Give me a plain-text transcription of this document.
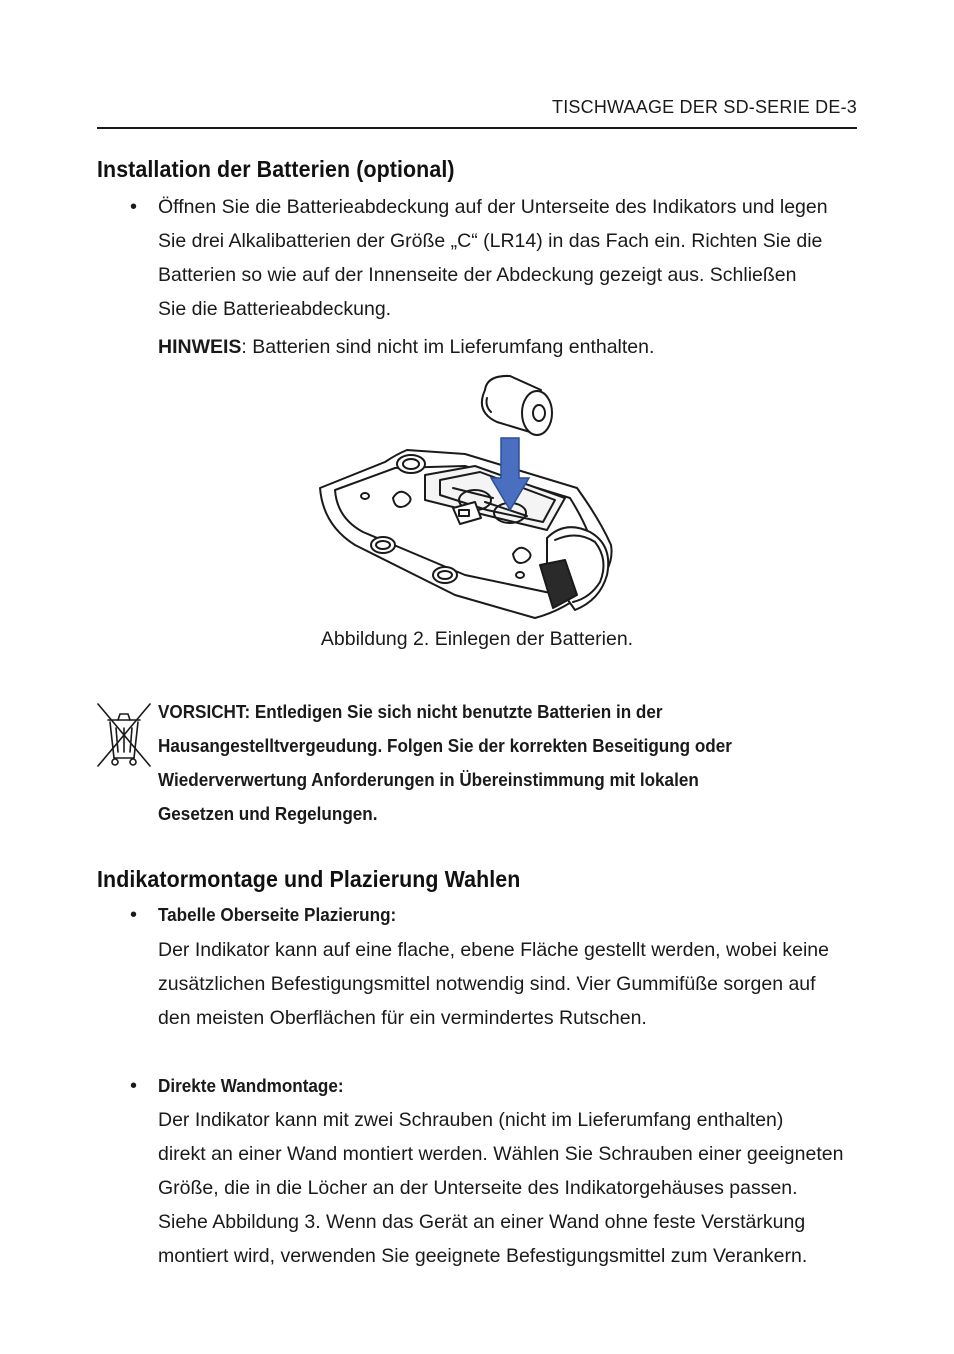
TISCHWAAGE DER SD-SERIE DE-3
Installation der Batterien (optional)
• Öffnen Sie die Batterieabdeckung auf der Unterseite des Indikators und legen
Sie drei Alkalibatterien der Größe „C“ (LR14) in das Fach ein. Richten Sie die
Batterien so wie auf der Innenseite der Abdeckung gezeigt aus. Schließen
Sie die Batterieabdeckung.
HINWEIS: Batterien sind nicht im Lieferumfang enthalten.
Abbildung 2. Einlegen der Batterien.
VORSICHT: Entledigen Sie sich nicht benutzte Batterien in der
Hausangestelltvergeudung. Folgen Sie der korrekten Beseitigung oder
Wiederverwertung Anforderungen in Übereinstimmung mit lokalen
Gesetzen und Regelungen.
Indikatormontage und Plazierung Wahlen
• Tabelle Oberseite Plazierung:
Der Indikator kann auf eine flache, ebene Fläche gestellt werden, wobei keine
zusätzlichen Befestigungsmittel notwendig sind. Vier Gummifüße sorgen auf
den meisten Oberflächen für ein vermindertes Rutschen.
• Direkte Wandmontage:
Der Indikator kann mit zwei Schrauben (nicht im Lieferumfang enthalten)
direkt an einer Wand montiert werden. Wählen Sie Schrauben einer geeigneten
Größe, die in die Löcher an der Unterseite des Indikatorgehäuses passen.
Siehe Abbildung 3. Wenn das Gerät an einer Wand ohne feste Verstärkung
montiert wird, verwenden Sie geeignete Befestigungsmittel zum Verankern.
